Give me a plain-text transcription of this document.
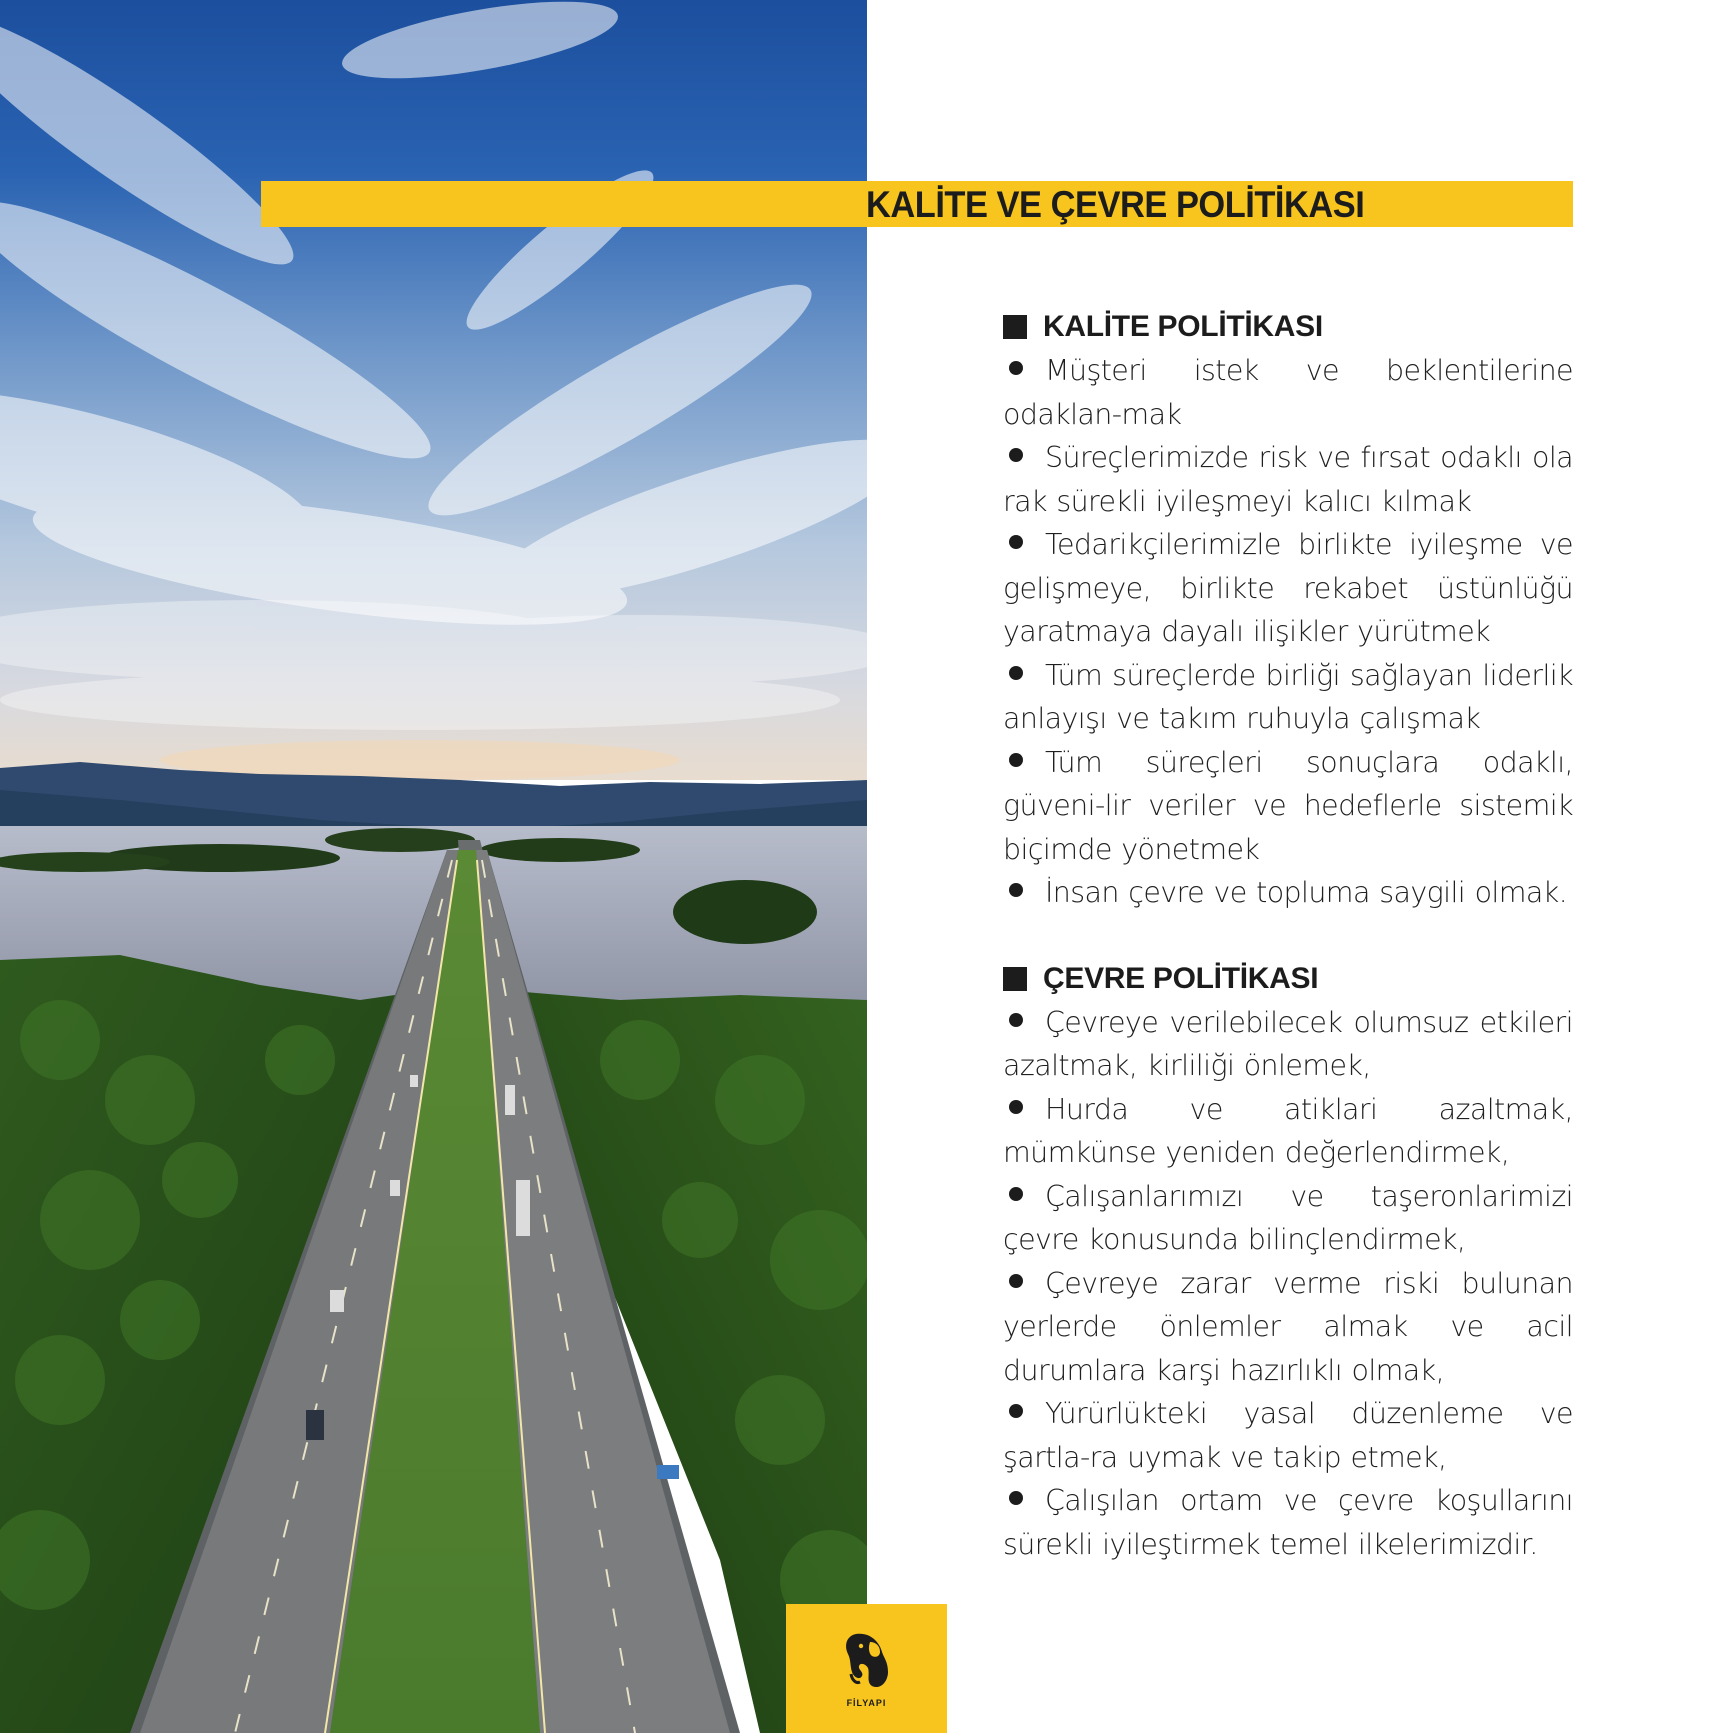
KALİTE VE ÇEVRE POLİTİKASI
KALİTE POLİTİKASI
Müşteri istek ve beklentilerine odaklan-mak
Süreçlerimizde risk ve fırsat odaklı ola rak sürekli iyileşmeyi kalıcı kılmak
Tedarikçilerimizle birlikte iyileşme ve gelişmeye, birlikte rekabet üstünlüğü yaratmaya dayalı ilişikler yürütmek
Tüm süreçlerde birliği sağlayan liderlik anlayışı ve takım ruhuyla çalışmak
Tüm süreçleri sonuçlara odaklı, güveni-lir veriler ve hedeflerle sistemik biçimde yönetmek
İnsan çevre ve topluma saygili olmak.
ÇEVRE POLİTİKASI
Çevreye verilebilecek olumsuz etkileri azaltmak, kirliliği önlemek,
Hurda ve atiklari azaltmak, mümkünse yeniden değerlendirmek,
Çalışanlarımızı ve taşeronlarimizi çevre konusunda bilinçlendirmek,
Çevreye zarar verme riski bulunan yerlerde önlemler almak ve acil durumlara karşi hazırlıklı olmak,
Yürürlükteki yasal düzenleme ve şartla-ra uymak ve takip etmek,
Çalışılan ortam ve çevre koşullarını sürekli iyileştirmek temel ilkelerimizdir.
FİLYAPI
